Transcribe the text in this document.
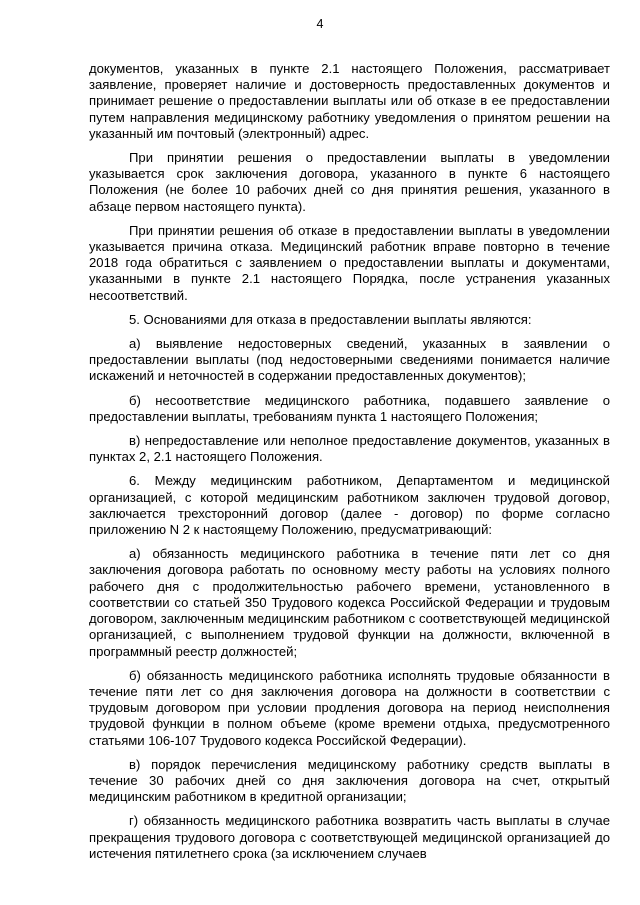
4

документов, указанных в пункте 2.1 настоящего Положения, рассматривает заявление, проверяет наличие и достоверность предоставленных документов и принимает решение о предоставлении выплаты или об отказе в ее предоставлении путем направления медицинскому работнику уведомления о принятом решении на указанный им почтовый (электронный) адрес.

При принятии решения о предоставлении выплаты в уведомлении указывается срок заключения договора, указанного в пункте 6 настоящего Положения (не более 10 рабочих дней со дня принятия решения, указанного в абзаце первом настоящего пункта).

При принятии решения об отказе в предоставлении выплаты в уведомлении указывается причина отказа. Медицинский работник вправе повторно в течение 2018 года обратиться с заявлением о предоставлении выплаты и документами, указанными в пункте 2.1 настоящего Порядка, после устранения указанных несоответствий.

5. Основаниями для отказа в предоставлении выплаты являются:

а) выявление недостоверных сведений, указанных в заявлении о предоставлении выплаты (под недостоверными сведениями понимается наличие искажений и неточностей в содержании предоставленных документов);

б) несоответствие медицинского работника, подавшего заявление о предоставлении выплаты, требованиям пункта 1 настоящего Положения;

в) непредоставление или неполное предоставление документов, указанных в пунктах 2, 2.1 настоящего Положения.

6. Между медицинским работником, Департаментом и медицинской организацией, с которой медицинским работником заключен трудовой договор, заключается трехсторонний договор (далее - договор) по форме согласно приложению N 2 к настоящему Положению, предусматривающий:

а) обязанность медицинского работника в течение пяти лет со дня заключения договора работать по основному месту работы на условиях полного рабочего дня с продолжительностью рабочего времени, установленного в соответствии со статьей 350 Трудового кодекса Российской Федерации и трудовым договором, заключенным медицинским работником с соответствующей медицинской организацией, с выполнением трудовой функции на должности, включенной в программный реестр должностей;

б) обязанность медицинского работника исполнять трудовые обязанности в течение пяти лет со дня заключения договора на должности в соответствии с трудовым договором при условии продления договора на период неисполнения трудовой функции в полном объеме (кроме времени отдыха, предусмотренного статьями 106-107 Трудового кодекса Российской Федерации).

в) порядок перечисления медицинскому работнику средств выплаты в течение 30 рабочих дней со дня заключения договора на счет, открытый медицинским работником в кредитной организации;

г) обязанность медицинского работника возвратить часть выплаты в случае прекращения трудового договора с соответствующей медицинской организацией до истечения пятилетнего срока (за исключением случаев
